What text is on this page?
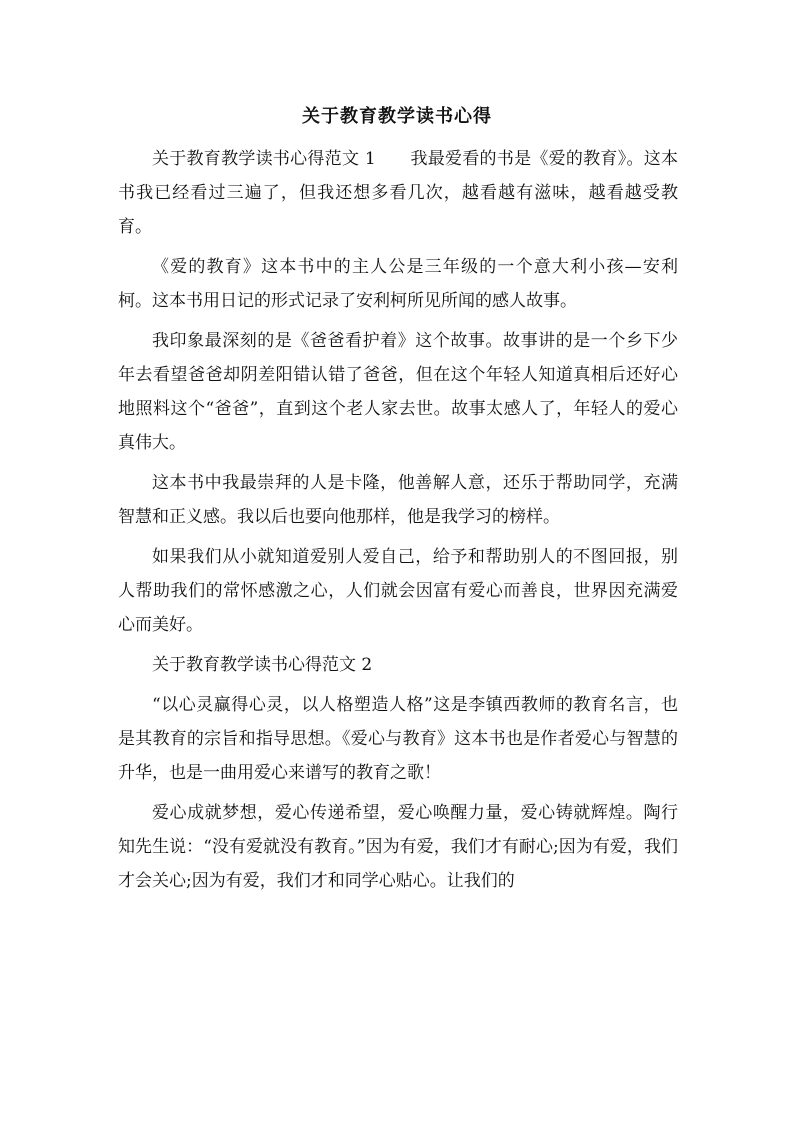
关于教育教学读书心得

关于教育教学读书心得范文 1　　我最爱看的书是《爱的教育》。这本书我已经看过三遍了，但我还想多看几次，越看越有滋味，越看越受教育。

《爱的教育》这本书中的主人公是三年级的一个意大利小孩—安利柯。这本书用日记的形式记录了安利柯所见所闻的感人故事。

我印象最深刻的是《爸爸看护着》这个故事。故事讲的是一个乡下少年去看望爸爸却阴差阳错认错了爸爸，但在这个年轻人知道真相后还好心地照料这个“爸爸”，直到这个老人家去世。故事太感人了，年轻人的爱心真伟大。

这本书中我最崇拜的人是卡隆，他善解人意，还乐于帮助同学，充满智慧和正义感。我以后也要向他那样，他是我学习的榜样。

如果我们从小就知道爱别人爱自己，给予和帮助别人的不图回报，别人帮助我们的常怀感激之心，人们就会因富有爱心而善良，世界因充满爱心而美好。

关于教育教学读书心得范文 2

“以心灵赢得心灵，以人格塑造人格”这是李镇西教师的教育名言，也是其教育的宗旨和指导思想。《爱心与教育》这本书也是作者爱心与智慧的升华，也是一曲用爱心来谱写的教育之歌！

爱心成就梦想，爱心传递希望，爱心唤醒力量，爱心铸就辉煌。陶行知先生说：“没有爱就没有教育。”因为有爱，我们才有耐心;因为有爱，我们才会关心;因为有爱，我们才和同学心贴心。让我们的
